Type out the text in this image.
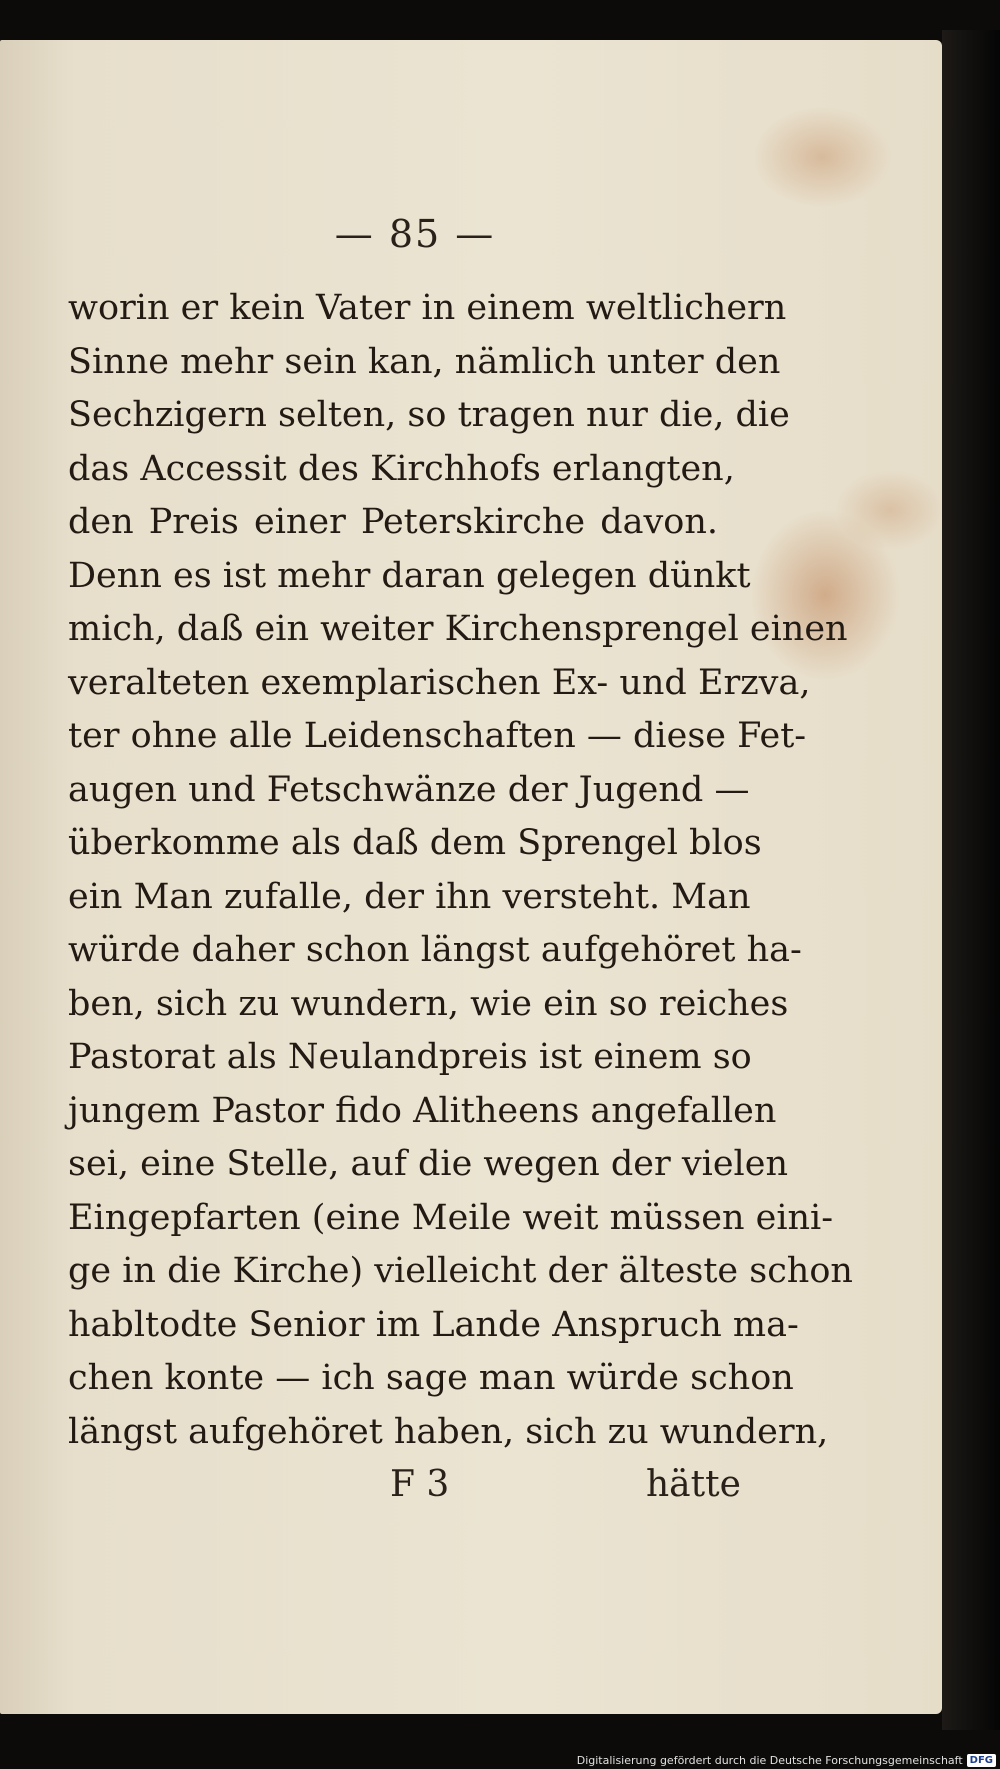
— 85 —
worin er kein Vater in einem weltlichern
Sinne mehr sein kan, nämlich unter den
Sechzigern selten, so tragen nur die, die
das Accessit des Kirchhofs erlangten,
den Preis einer Peterskirche davon.
Denn es ist mehr daran gelegen dünkt
mich, daß ein weiter Kirchensprengel einen
veralteten exemplarischen Ex- und Erzva,
ter ohne alle Leidenschaften — diese Fet-
augen und Fetschwänze der Jugend —
überkomme als daß dem Sprengel blos
ein Man zufalle, der ihn versteht. Man
würde daher schon längst aufgehöret ha-
ben, sich zu wundern, wie ein so reiches
Pastorat als Neulandpreis ist einem so
jungem Pastor fido Alitheens angefallen
sei, eine Stelle, auf die wegen der vielen
Eingepfarten (eine Meile weit müssen eini-
ge in die Kirche) vielleicht der älteste schon
habltodte Senior im Lande Anspruch ma-
chen konte — ich sage man würde schon
längst aufgehöret haben, sich zu wundern,
F 3	hätte
Digitalisierung gefördert durch die Deutsche Forschungsgemeinschaft DFG
